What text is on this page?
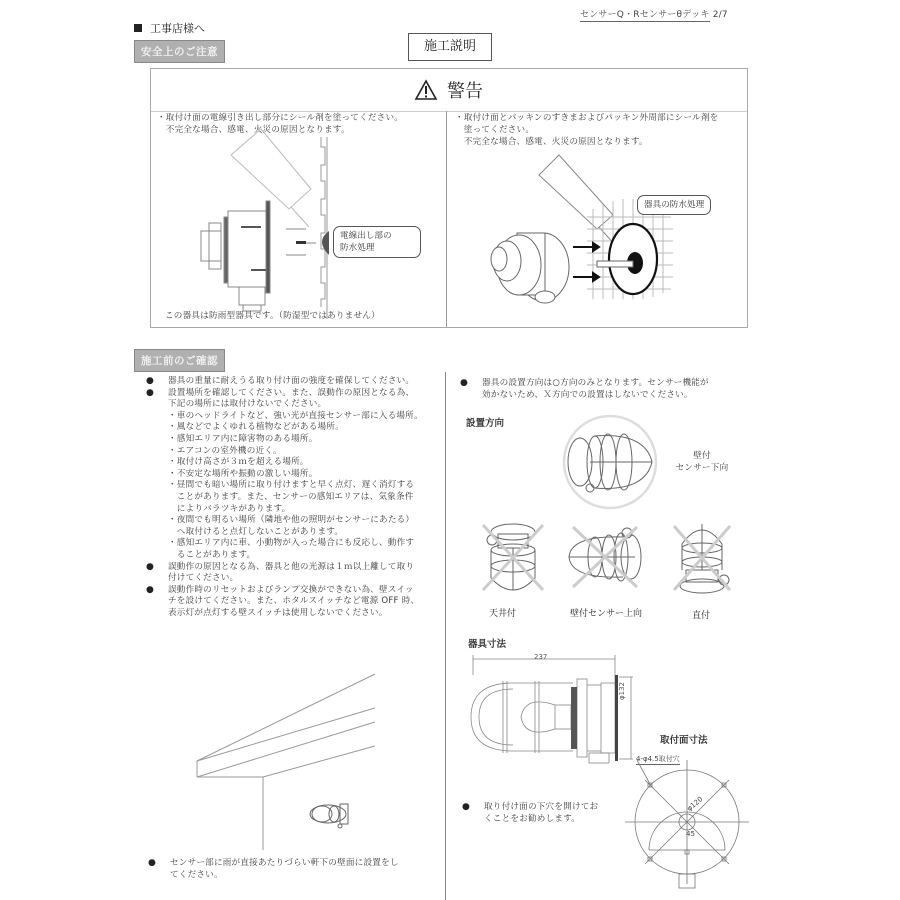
センサーQ・Rセンサーθデッキ 2/7
工事店様へ
安全上のご注意	施工説明
警告
・取付け面の電線引き出し部分にシール剤を塗ってください。
　不完全な場合、感電、火災の原因となります。
電線出し部の
防水処理
この器具は防雨型器具です。（防湿型ではありません）
・取付け面とパッキンのすきまおよびパッキン外周部にシール剤を
　塗ってください。
　不完全な場合、感電、火災の原因となります。
器具の防水処理
施工前のご確認
● 器具の重量に耐えうる取り付け面の強度を確保してください。
● 設置場所を確認してください。また、誤動作の原因となる為、
下記の場所には取付けないでください。
・車のヘッドライトなど、強い光が直接センサー部に入る場所。
・風などでよくゆれる植物などがある場所。
・感知エリア内に障害物のある場所。
・エアコンの室外機の近く。
・取付け高さが３ｍを超える場所。
・不安定な場所や振動の激しい場所。
・昼間でも暗い場所に取り付けますと早く点灯、遅く消灯する
　ことがあります。また、センサーの感知エリアは、気象条件
　によりバラツキがあります。
・夜間でも明るい場所（隣地や他の照明がセンサーにあたる）
　へ取付けると点灯しないことがあります。
・感知エリア内に車、小動物が入った場合にも反応し、動作す
　ることがあります。
● 誤動作の原因となる為、器具と他の光源は１ｍ以上離して取り
付けてください。
● 誤動作時のリセットおよびランプ交換ができない為、壁スイッ
チを設けてください。また、ホタルスイッチなど電源 OFF 時、
表示灯が点灯する壁スイッチは使用しないでください。
● センサー部に雨が直接あたりづらい軒下の壁面に設置をし
てください。
● 器具の設置方向は○方向のみとなります。センサー機能が
効かないため、Ｘ方向での設置はしないでください。
設置方向
壁付
センサー下向
天井付	壁付センサー上向	直付
器具寸法
237
φ132
取付面寸法
4-φ4.5取付穴
φ120
45
● 取り付け面の下穴を開けてお
くことをお勧めします。
